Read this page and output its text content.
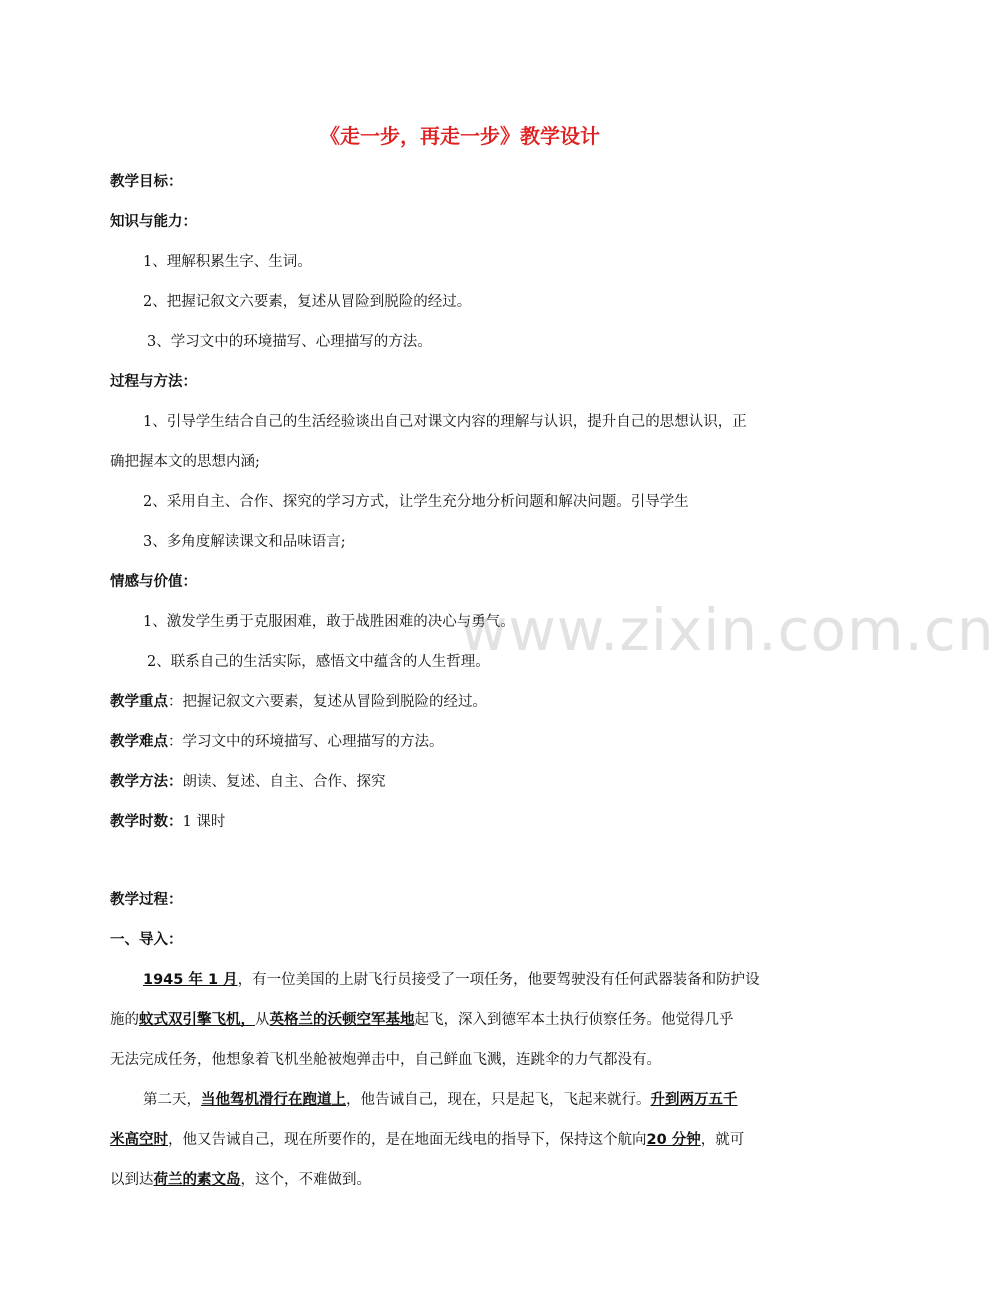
《走一步，再走一步》教学设计
教学目标：
知识与能力：
1、理解积累生字、生词。
2、把握记叙文六要素，复述从冒险到脱险的经过。
3、学习文中的环境描写、心理描写的方法。
过程与方法：
1、引导学生结合自己的生活经验谈出自己对课文内容的理解与认识，提升自己的思想认识，正
确把握本文的思想内涵;
2、采用自主、合作、探究的学习方式，让学生充分地分析问题和解决问题。引导学生
3、多角度解读课文和品味语言;
情感与价值：
1、激发学生勇于克服困难，敢于战胜困难的决心与勇气。
2、联系自己的生活实际，感悟文中蕴含的人生哲理。
教学重点：把握记叙文六要素，复述从冒险到脱险的经过。
教学难点：学习文中的环境描写、心理描写的方法。
教学方法：朗读、复述、自主、合作、探究
教学时数：1 课时
教学过程：
一、导入：
1945 年 1 月，有一位美国的上尉飞行员接受了一项任务，他要驾驶没有任何武器装备和防护设
施的蚊式双引擎飞机，从英格兰的沃顿空军基地起飞，深入到德军本土执行侦察任务。他觉得几乎
无法完成任务，他想象着飞机坐舱被炮弹击中，自己鲜血飞溅，连跳伞的力气都没有。
第二天，当他驾机滑行在跑道上，他告诫自己，现在，只是起飞，飞起来就行。升到两万五千
米高空时，他又告诫自己，现在所要作的，是在地面无线电的指导下，保持这个航向20 分钟，就可
以到达荷兰的素文岛，这个，不难做到。
www.zixin.com.cn
